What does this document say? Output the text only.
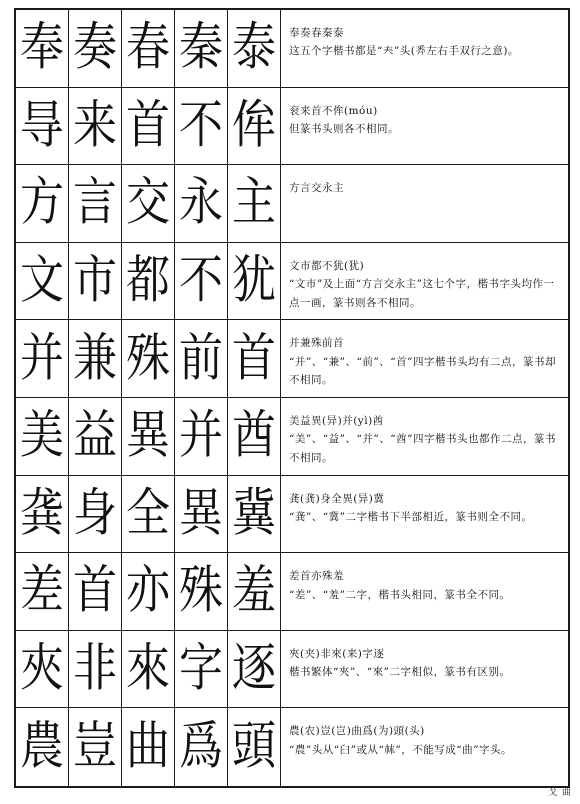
奉 奏 春 秦 泰 奉奏春秦泰
这五个字楷书都是“𡗗”头(𢍏左右手双行之意)。
㝵 来 首 不 侔 衮来首不侔(móu)
但篆书头则各不相同。
方 言 交 永 主 方言交永主
文 市 都 不 犹 文市都不犹(犹)
“文市”及上面“方言交永主”这七个字，楷书字头均作一点一画，篆书则各不相同。
并 兼 殊 前 首 并兼殊前首
“并”、“兼”、“前”、“首”四字楷书头均有二点，篆书却不相同。
美 益 異 并 酋 美益異(异)并(yì)酋
“美”、“益”、“并”、“酋”四字楷书头也都作二点，篆书不相同。
龚 身 全 異 冀 龚(龚)身全異(异)冀
“龚”、“冀”二字楷书下半部相近，篆书则全不同。
差 首 亦 殊 羞 差首亦殊羞
“差”、“羞”二字，楷书头相同，篆书全不同。
夾 非 來 字 逐 夾(夹)非來(来)字逐
楷书繁体“夾”、“來”二字相似，篆书有区别。
農 豈 曲 爲 頭 農(农)豈(岂)曲爲(为)頭(头)
“農”头从“𦥑”或从“𣏟”，不能写成“曲”字头。
戈 曲
